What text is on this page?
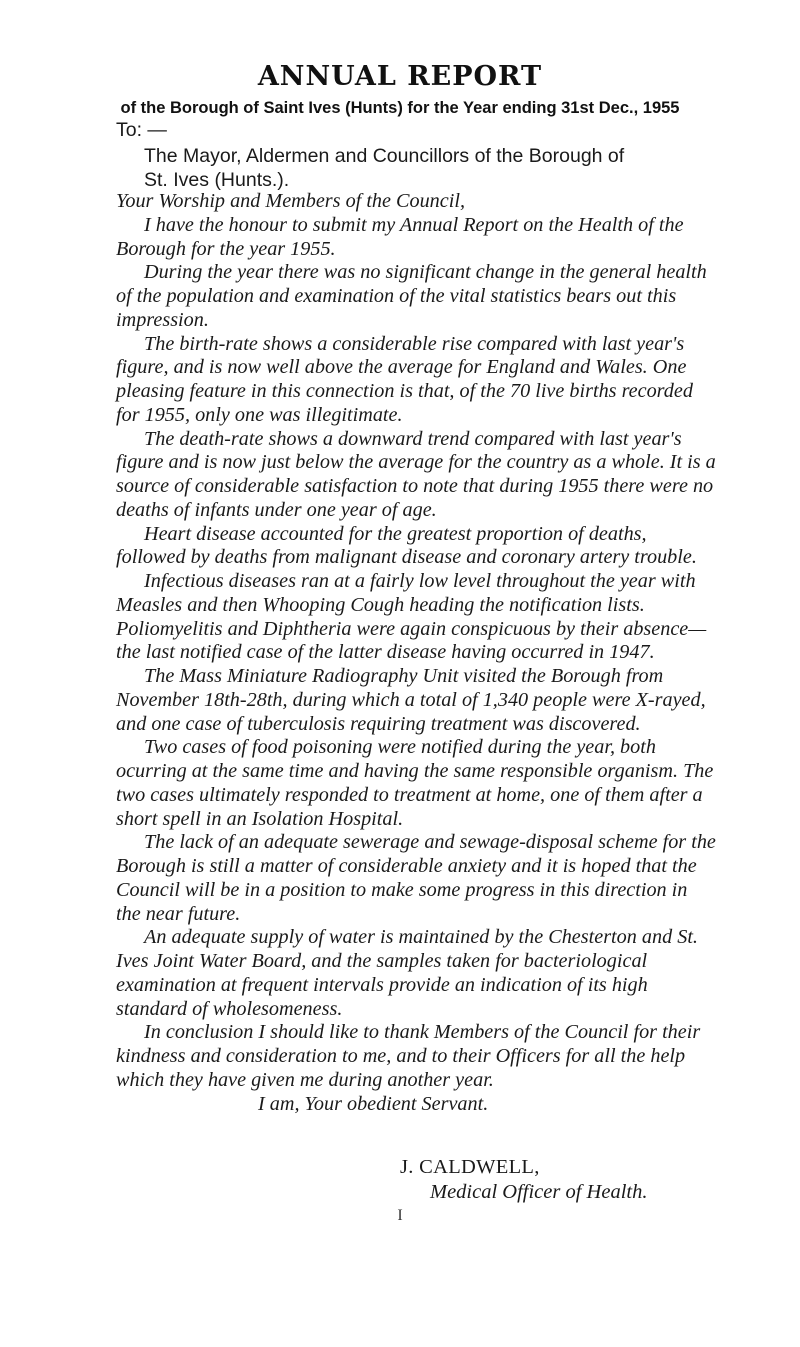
ANNUAL REPORT
of the Borough of Saint Ives (Hunts) for the Year ending 31st Dec., 1955
To: —
The Mayor, Aldermen and Councillors of the Borough of
St. Ives (Hunts.).

Your Worship and Members of the Council,

I have the honour to submit my Annual Report on the Health of the Borough for the year 1955.

During the year there was no significant change in the general health of the population and examination of the vital statistics bears out this impression.

The birth-rate shows a considerable rise compared with last year's figure, and is now well above the average for England and Wales. One pleasing feature in this connection is that, of the 70 live births recorded for 1955, only one was illegitimate.

The death-rate shows a downward trend compared with last year's figure and is now just below the average for the country as a whole. It is a source of considerable satisfaction to note that during 1955 there were no deaths of infants under one year of age.

Heart disease accounted for the greatest proportion of deaths, followed by deaths from malignant disease and coronary artery trouble.

Infectious diseases ran at a fairly low level throughout the year with Measles and then Whooping Cough heading the notification lists. Poliomyelitis and Diphtheria were again conspicuous by their absence—the last notified case of the latter disease having occurred in 1947.

The Mass Miniature Radiography Unit visited the Borough from November 18th-28th, during which a total of 1,340 people were X-rayed, and one case of tuberculosis requiring treatment was discovered.

Two cases of food poisoning were notified during the year, both ocurring at the same time and having the same responsible organism. The two cases ultimately responded to treatment at home, one of them after a short spell in an Isolation Hospital.

The lack of an adequate sewerage and sewage-disposal scheme for the Borough is still a matter of considerable anxiety and it is hoped that the Council will be in a position to make some progress in this direction in the near future.

An adequate supply of water is maintained by the Chesterton and St. Ives Joint Water Board, and the samples taken for bacteriological examination at frequent intervals provide an indication of its high standard of wholesomeness.

In conclusion I should like to thank Members of the Council for their kindness and consideration to me, and to their Officers for all the help which they have given me during another year.

I am, Your obedient Servant.

J. CALDWELL,
Medical Officer of Health.
I
